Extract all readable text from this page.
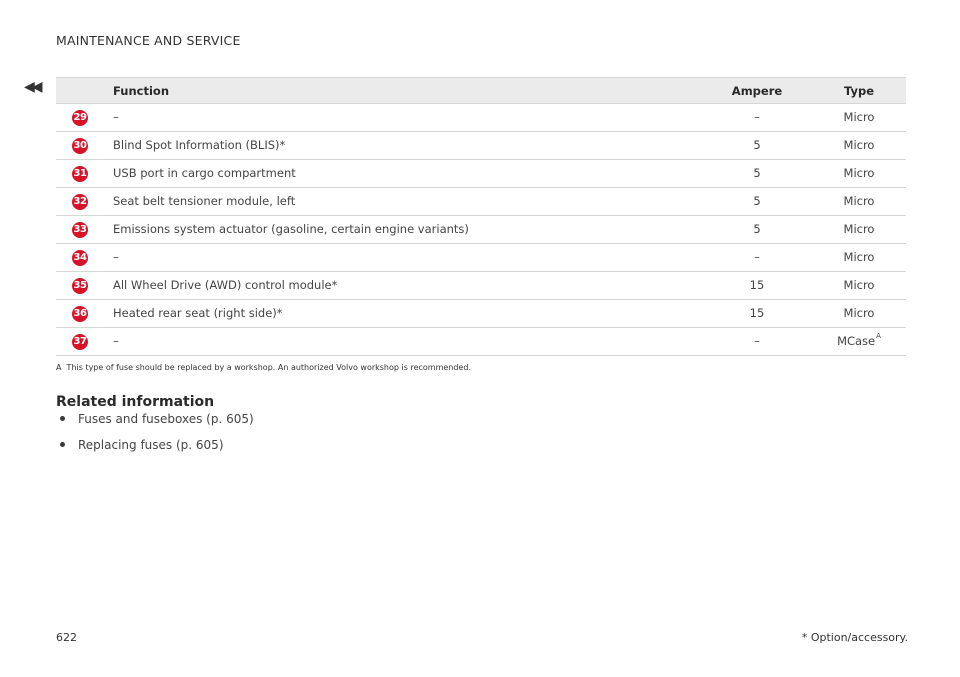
MAINTENANCE AND SERVICE
◀◀
		Function	Ampere	Type

29	–	–	Micro

30	Blind Spot Information (BLIS)*	5	Micro

31	USB port in cargo compartment	5	Micro

32	Seat belt tensioner module, left	5	Micro

33	Emissions system actuator (gasoline, certain engine variants)	5	Micro

34	–	–	Micro

35	All Wheel Drive (AWD) control module*	15	Micro

36	Heated rear seat (right side)*	15	Micro

37	–	–	MCase$^A$
A This type of fuse should be replaced by a workshop. An authorized Volvo workshop is recommended.
Related information
Fuses and fuseboxes (p. 605)
Replacing fuses (p. 605)
622	* Option/accessory.
